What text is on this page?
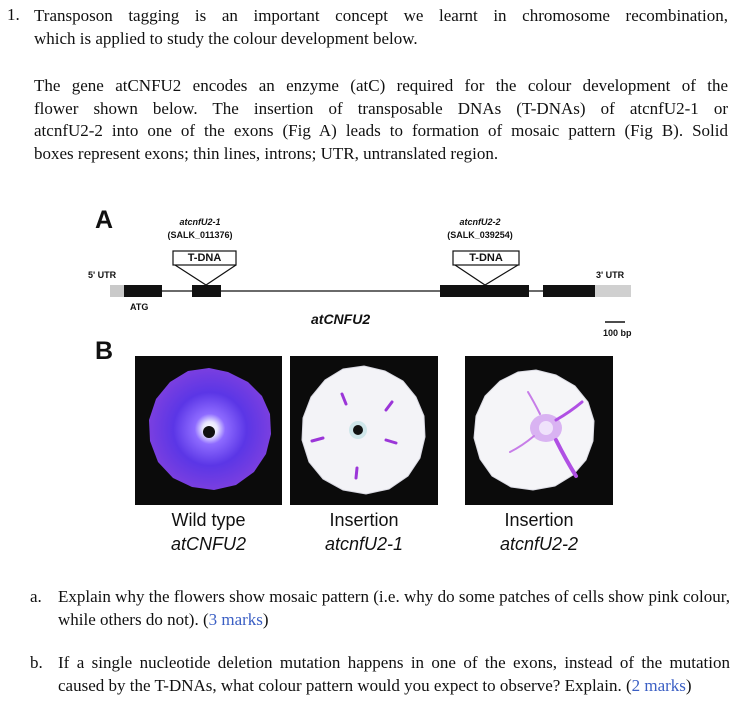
1. Transposon tagging is an important concept we learnt in chromosome recombination,
which is applied to study the colour development below.
The gene atCNFU2 encodes an enzyme (atC) required for the colour development of the
flower shown below. The insertion of transposable DNAs (T-DNAs) of atcnfU2-1 or
atcnfU2-2 into one of the exons (Fig A) leads to formation of mosaic pattern (Fig B). Solid
boxes represent exons; thin lines, introns; UTR, untranslated region.
A	atcnfU2-1
(SALK_011376)
atcnfU2-2
(SALK_039254)
T-DNA	T-DNA
5' UTR	3' UTR
ATG
atCNFU2
100 bp
B
Wild type
atCNFU2
Insertion
atcnfU2-1
Insertion
atcnfU2-2
a. Explain why the flowers show mosaic pattern (i.e. why do some patches of cells show pink colour, while others do not). (3 marks)
b. If a single nucleotide deletion mutation happens in one of the exons, instead of the mutation caused by the T-DNAs, what colour pattern would you expect to observe? Explain. (2 marks)
